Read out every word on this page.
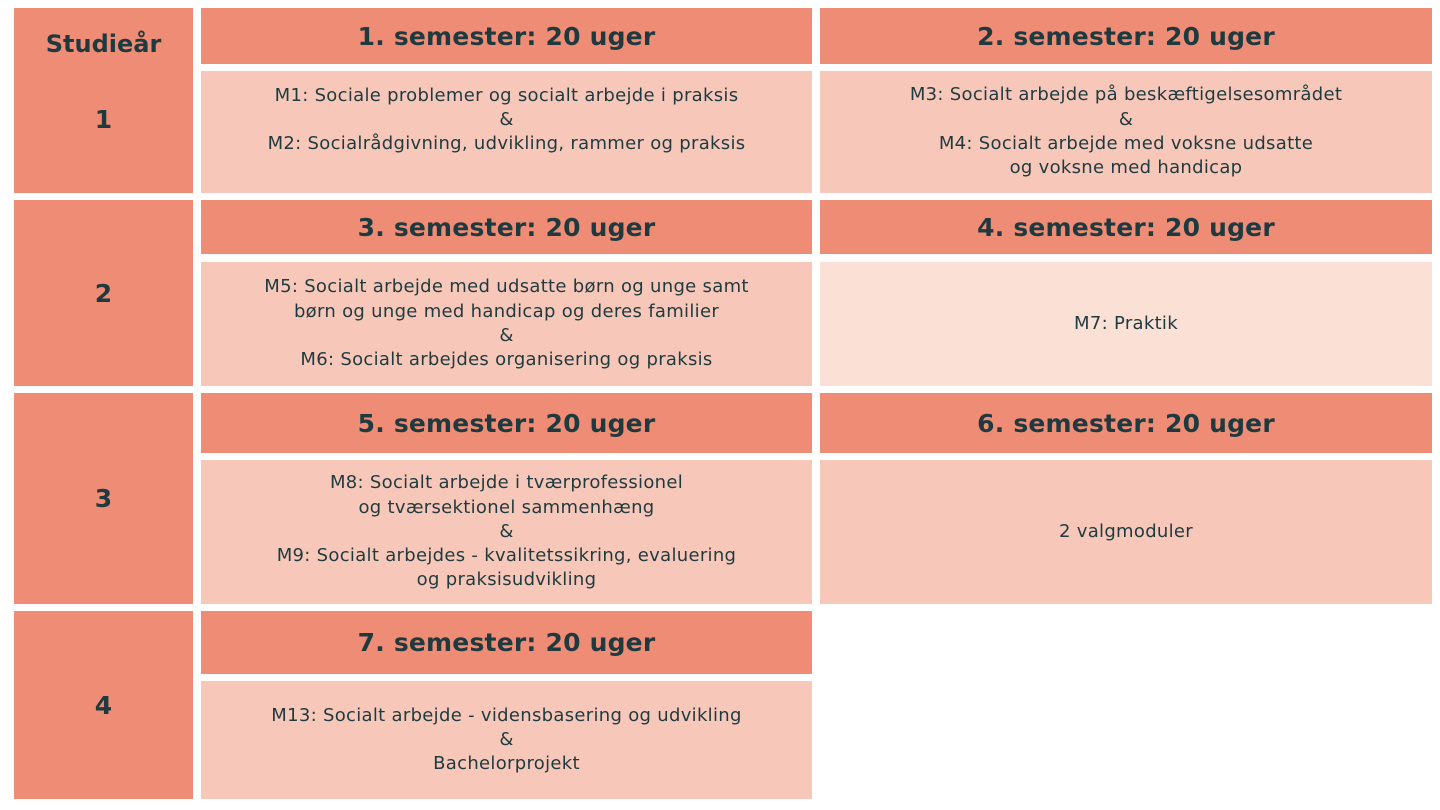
Studieår
1
2
3
4
1. semester: 20 uger
M1: Sociale problemer og socialt arbejde i praksis
&
M2: Socialrådgivning, udvikling, rammer og praksis
2. semester: 20 uger
M3: Socialt arbejde på beskæftigelsesområdet
&
M4: Socialt arbejde med voksne udsatte
og voksne med handicap
3. semester: 20 uger
M5: Socialt arbejde med udsatte børn og unge samt
børn og unge med handicap og deres familier
&
M6: Socialt arbejdes organisering og praksis
4. semester: 20 uger
M7: Praktik
5. semester: 20 uger
M8: Socialt arbejde i tværprofessionel
og tværsektionel sammenhæng
&
M9: Socialt arbejdes - kvalitetssikring, evaluering
og praksisudvikling
6. semester: 20 uger
2 valgmoduler
7. semester: 20 uger
M13: Socialt arbejde - vidensbasering og udvikling
&
Bachelorprojekt
